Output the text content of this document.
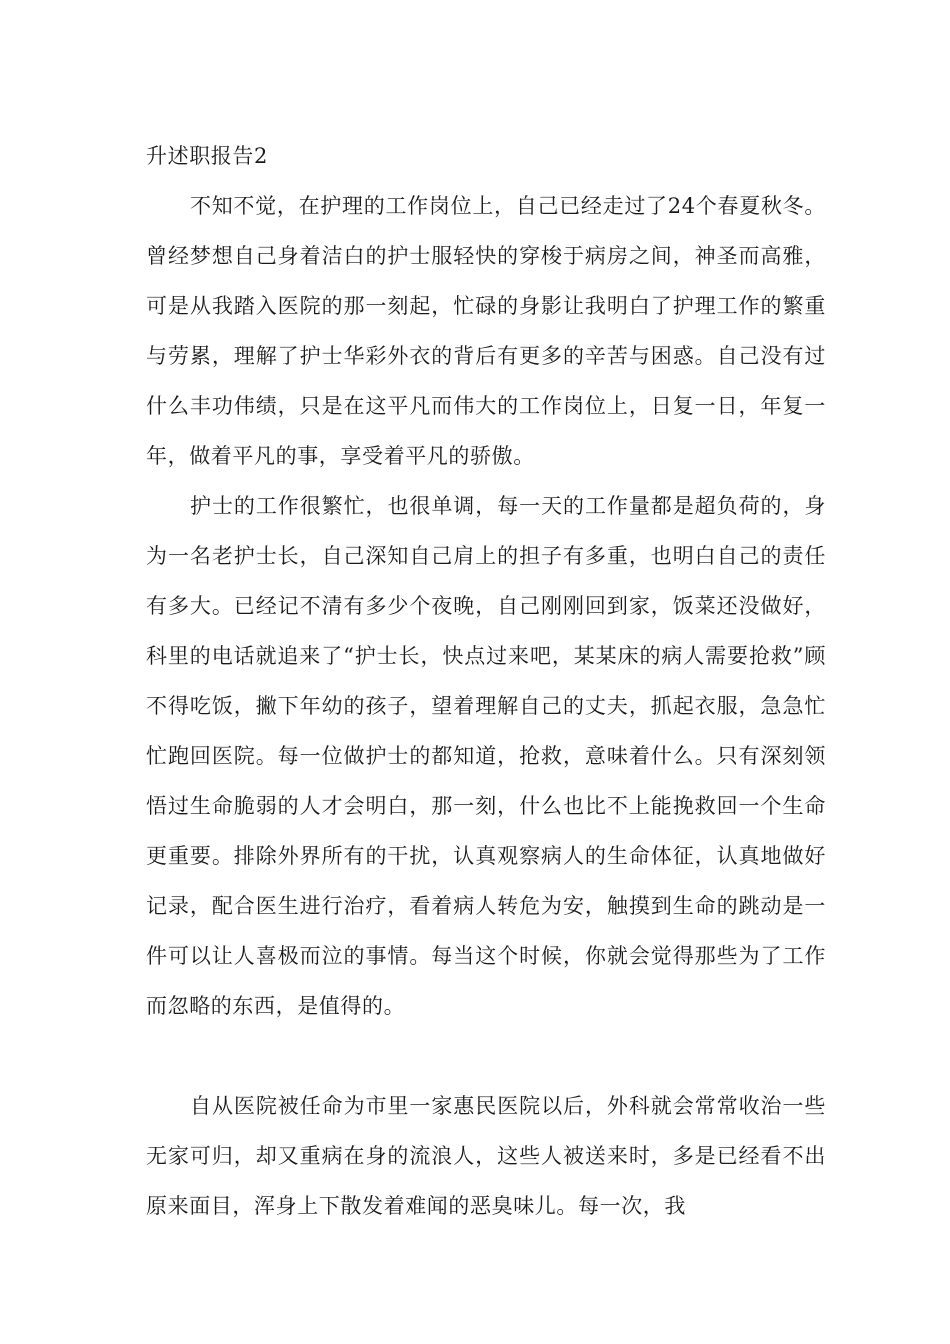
升述职报告2

不知不觉，在护理的工作岗位上，自己已经走过了24个春夏秋冬。曾经梦想自己身着洁白的护士服轻快的穿梭于病房之间，神圣而高雅，可是从我踏入医院的那一刻起，忙碌的身影让我明白了护理工作的繁重与劳累，理解了护士华彩外衣的背后有更多的辛苦与困惑。自己没有过什么丰功伟绩，只是在这平凡而伟大的工作岗位上，日复一日，年复一年，做着平凡的事，享受着平凡的骄傲。

护士的工作很繁忙，也很单调，每一天的工作量都是超负荷的，身为一名老护士长，自己深知自己肩上的担子有多重，也明白自己的责任有多大。已经记不清有多少个夜晚，自己刚刚回到家，饭菜还没做好，科里的电话就追来了“护士长，快点过来吧，某某床的病人需要抢救”顾不得吃饭，撇下年幼的孩子，望着理解自己的丈夫，抓起衣服，急急忙忙跑回医院。每一位做护士的都知道，抢救，意味着什么。只有深刻领悟过生命脆弱的人才会明白，那一刻，什么也比不上能挽救回一个生命更重要。排除外界所有的干扰，认真观察病人的生命体征，认真地做好记录，配合医生进行治疗，看着病人转危为安，触摸到生命的跳动是一件可以让人喜极而泣的事情。每当这个时候，你就会觉得那些为了工作而忽略的东西，是值得的。

自从医院被任命为市里一家惠民医院以后，外科就会常常收治一些无家可归，却又重病在身的流浪人，这些人被送来时，多是已经看不出原来面目，浑身上下散发着难闻的恶臭味儿。每一次，我
